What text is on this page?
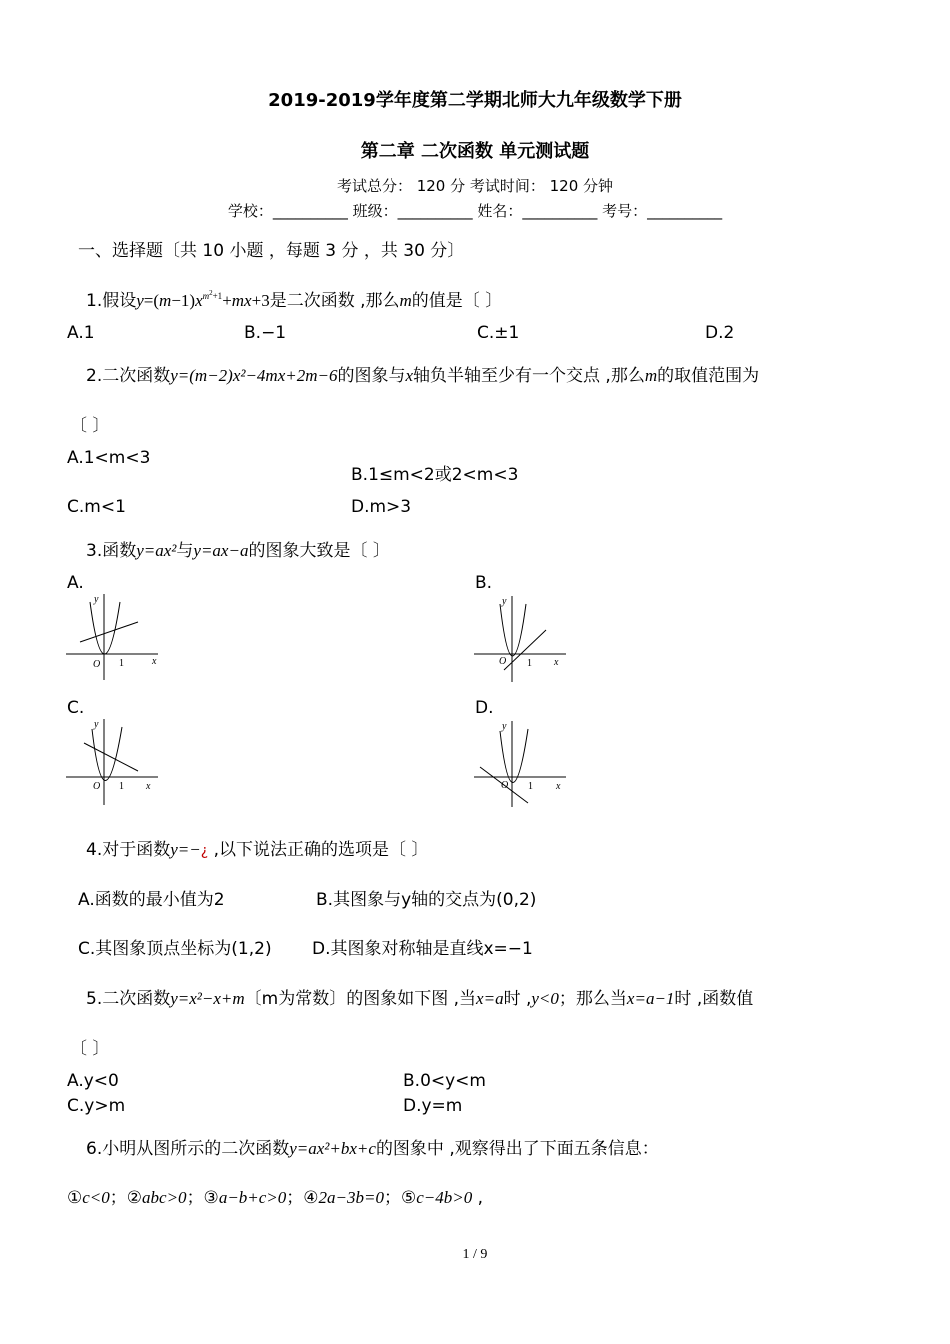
2019-2019学年度第二学期北师大九年级数学下册
第二章 二次函数 单元测试题
考试总分： 120 分 考试时间： 120 分钟
学校：__________ 班级：__________ 姓名：__________ 考号：__________
一、选择题〔共 10 小题 ，每题 3 分 ，共 30 分〕
1.假设$y=(m-1)x^{m^2+1}+mx+3$是二次函数 ,那么m的值是〔 〕
A.1	B.−1	C.±1	D.2
2.二次函数y=(m−2)x²−4mx+2m−6的图象与x轴负半轴至少有一个交点 ,那么m的取值范围为
〔 〕
A.1<m<3
B.1≤m<2或2<m<3
C.m<1	D.m>3
3.函数y=ax²与y=ax−a的图象大致是〔 〕
A.	B.
C.	D.
y
x
O 1
y
x
O 1
y
x
O 1
y
x
O 1
4.对于函数y=−¿ ,以下说法正确的选项是〔 〕
A.函数的最小值为2	B.其图象与y轴的交点为(0,2)
C.其图象顶点坐标为(1,2) D.其图象对称轴是直线x=−1
5.二次函数y=x²−x+m〔m为常数〕的图象如下图 ,当x=a时 ,y<0；那么当x=a−1时 ,函数值
〔 〕
A.y<0	B.0<y<m
C.y>m	D.y=m
6.小明从图所示的二次函数y=ax²+bx+c的图象中 ,观察得出了下面五条信息：
①c<0；②abc>0；③a−b+c>0；④2a−3b=0；⑤c−4b>0 ,
1 / 9
